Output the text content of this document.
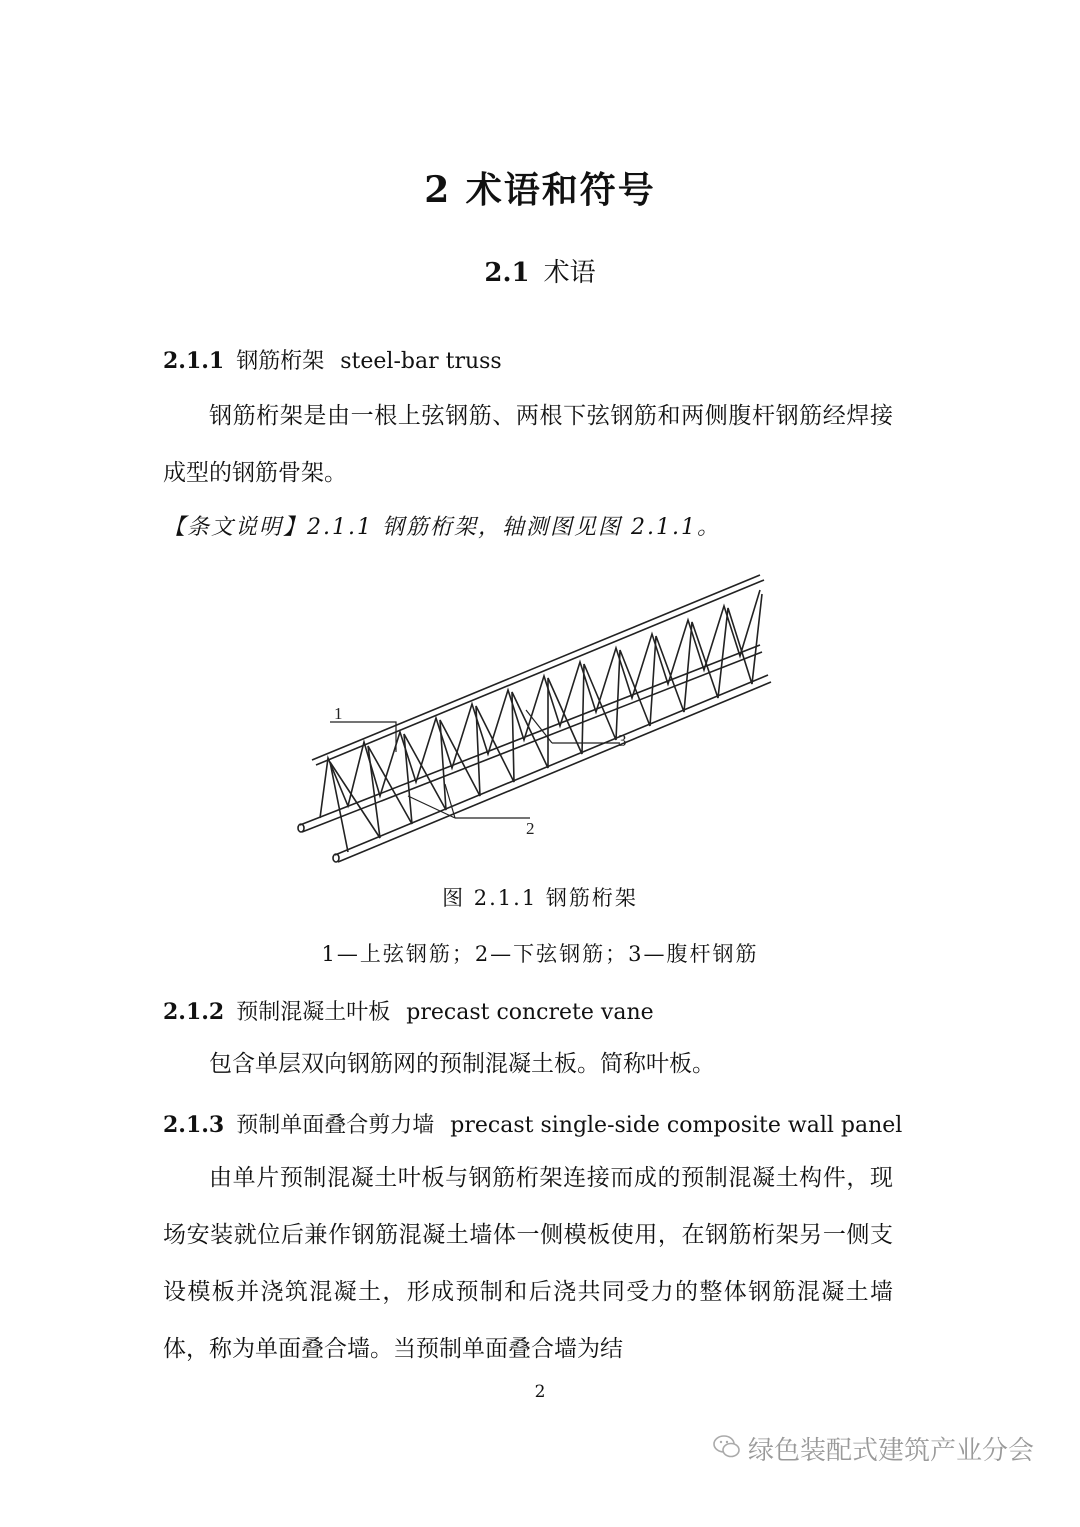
2 术语和符号
2.1 术语
2.1.1 钢筋桁架 steel-bar truss
钢筋桁架是由一根上弦钢筋、两根下弦钢筋和两侧腹杆钢筋经焊接成型的钢筋骨架。
【条文说明】2.1.1 钢筋桁架，轴测图见图 2.1.1。
1
2
3
图 2.1.1 钢筋桁架
1—上弦钢筋；2—下弦钢筋；3—腹杆钢筋
2.1.2 预制混凝土叶板 precast concrete vane
包含单层双向钢筋网的预制混凝土板。简称叶板。
2.1.3 预制单面叠合剪力墙 precast single-side composite wall panel
由单片预制混凝土叶板与钢筋桁架连接而成的预制混凝土构件，现场安装就位后兼作钢筋混凝土墙体一侧模板使用，在钢筋桁架另一侧支设模板并浇筑混凝土，形成预制和后浇共同受力的整体钢筋混凝土墙体，称为单面叠合墙。当预制单面叠合墙为结
2
绿色装配式建筑产业分会
